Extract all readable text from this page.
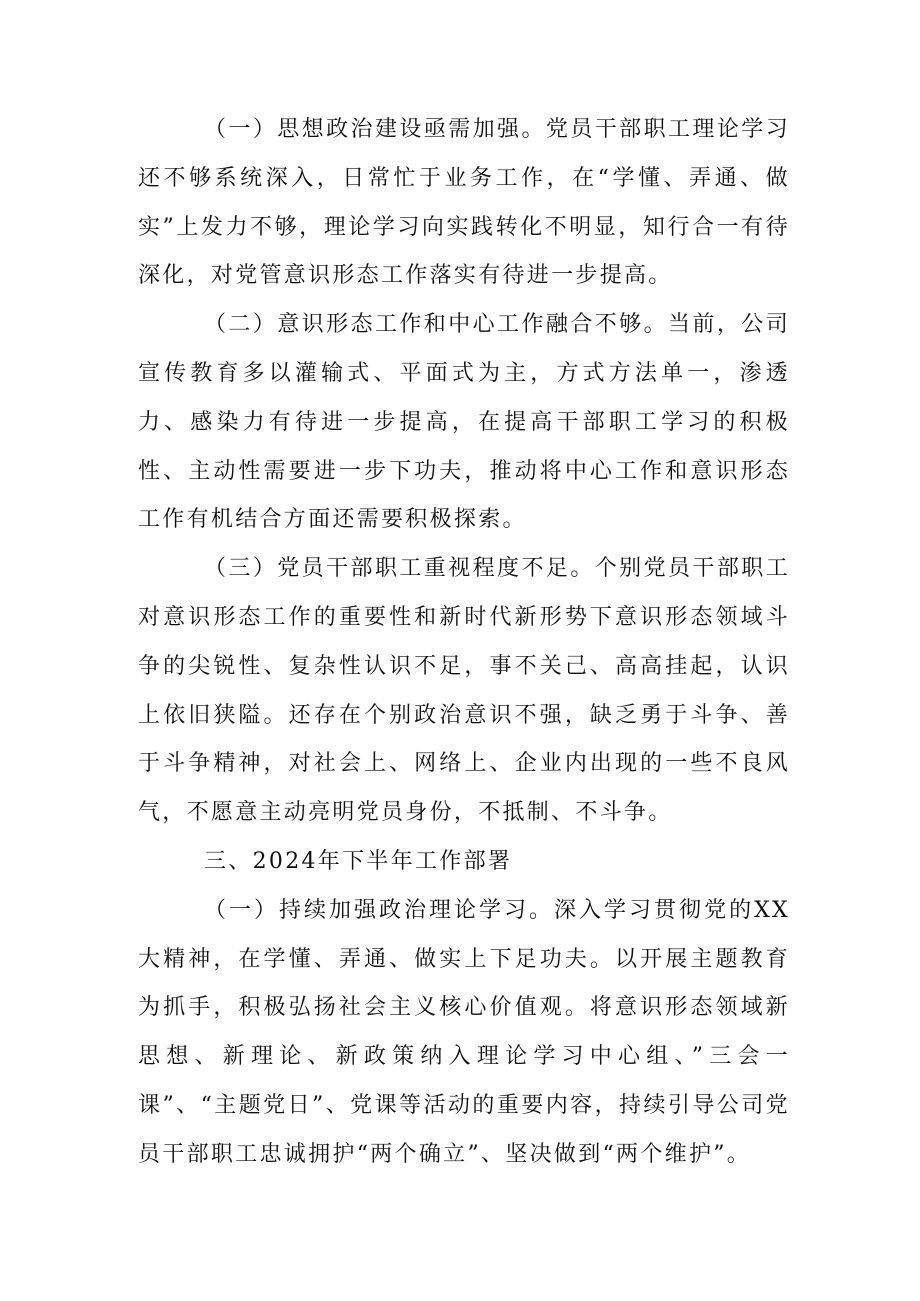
（一）思想政治建设亟需加强。党员干部职工理论学习还不够系统深入，日常忙于业务工作，在“学懂、弄通、做实”上发力不够，理论学习向实践转化不明显，知行合一有待深化，对党管意识形态工作落实有待进一步提高。

（二）意识形态工作和中心工作融合不够。当前，公司宣传教育多以灌输式、平面式为主，方式方法单一，渗透力、感染力有待进一步提高，在提高干部职工学习的积极性、主动性需要进一步下功夫，推动将中心工作和意识形态工作有机结合方面还需要积极探索。

（三）党员干部职工重视程度不足。个别党员干部职工对意识形态工作的重要性和新时代新形势下意识形态领域斗争的尖锐性、复杂性认识不足，事不关己、高高挂起，认识上依旧狭隘。还存在个别政治意识不强，缺乏勇于斗争、善于斗争精神，对社会上、网络上、企业内出现的一些不良风气，不愿意主动亮明党员身份，不抵制、不斗争。

三、2024年下半年工作部署

（一）持续加强政治理论学习。深入学习贯彻党的XX大精神，在学懂、弄通、做实上下足功夫。以开展主题教育为抓手，积极弘扬社会主义核心价值观。将意识形态领域新思想、新理论、新政策纳入理论学习中心组、”三会一课”、“主题党日”、党课等活动的重要内容，持续引导公司党员干部职工忠诚拥护“两个确立”、坚决做到“两个维护”。
